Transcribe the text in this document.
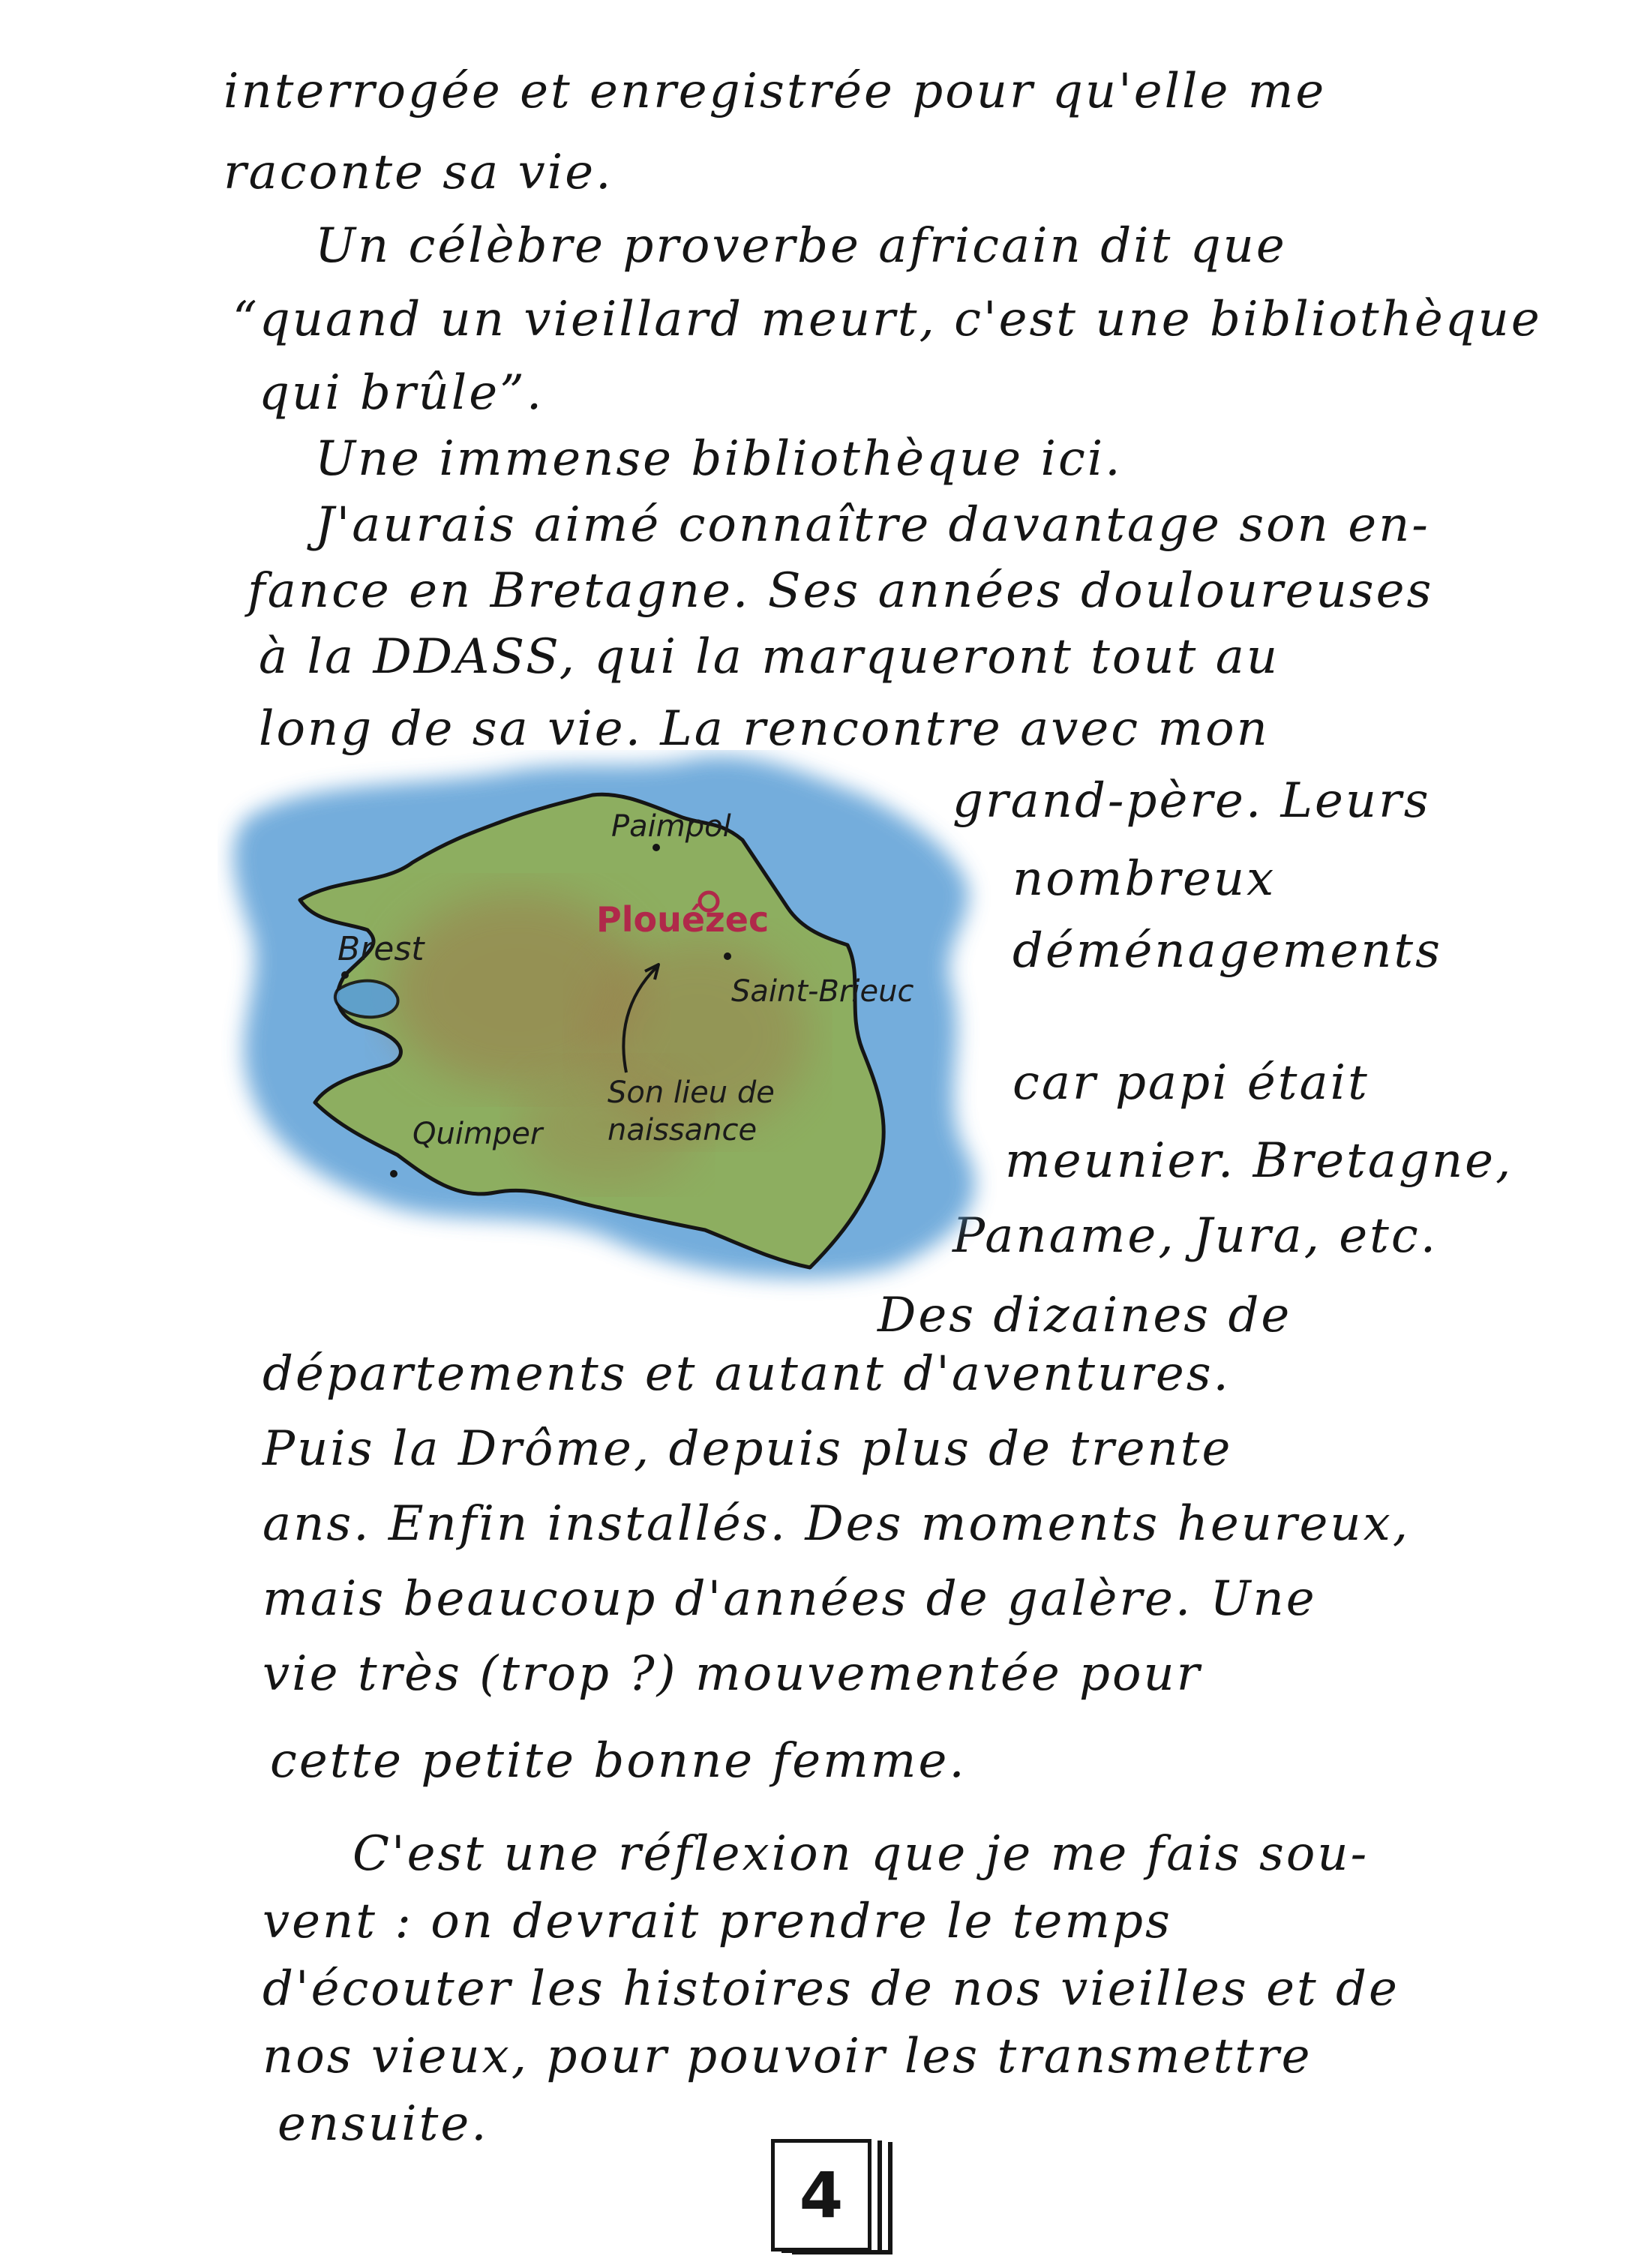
interrogée et enregistrée pour qu'elle me
raconte sa vie.
Un célèbre proverbe africain dit que
“quand un vieillard meurt, c'est une bibliothèque
qui brûle”.
Une immense bibliothèque ici.
J'aurais aimé connaître davantage son en-
fance en Bretagne. Ses années douloureuses
à la DDASS, qui la marqueront tout au
long de sa vie. La rencontre avec mon
grand-père. Leurs
nombreux
déménagements
car papi était
meunier. Bretagne,
Paname, Jura, etc.
Des dizaines de
départements et autant d'aventures.
Puis la Drôme, depuis plus de trente
ans. Enfin installés. Des moments heureux,
mais beaucoup d'années de galère. Une
vie très (trop ?) mouvementée pour
cette petite bonne femme.
C'est une réflexion que je me fais sou-
vent : on devrait prendre le temps
d'écouter les histoires de nos vieilles et de
nos vieux, pour pouvoir les transmettre
ensuite.
Paimpol
Plouézec
Brest
Saint-Brieuc
Quimper
Son lieu de
naissance
4
